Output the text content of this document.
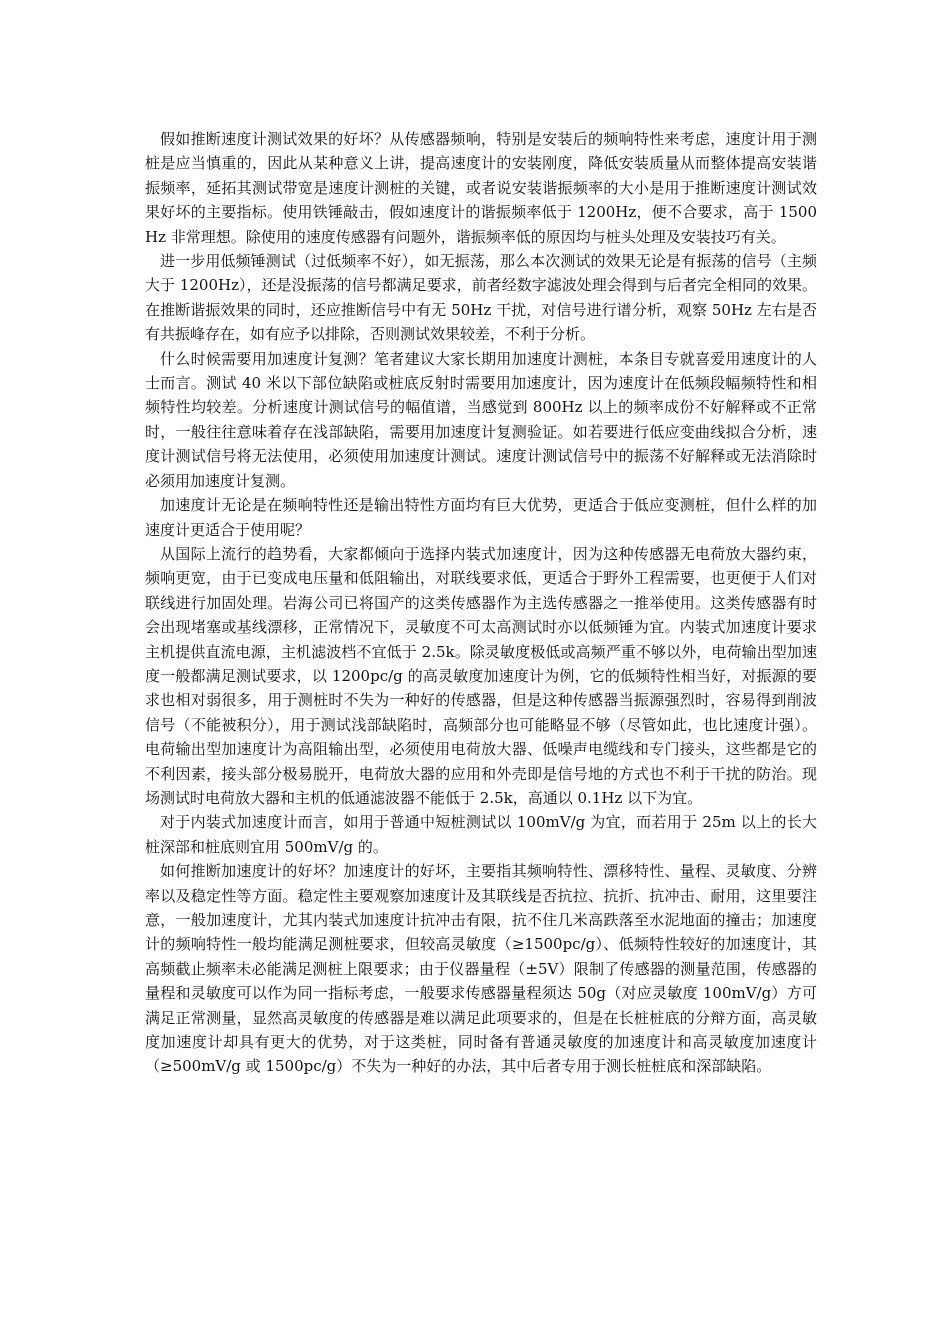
假如推断速度计测试效果的好坏？从传感器频响，特别是安装后的频响特性来考虑，速度计用于测桩是应当慎重的，因此从某种意义上讲，提高速度计的安装刚度，降低安装质量从而整体提高安装谐振频率，延拓其测试带宽是速度计测桩的关键，或者说安装谐振频率的大小是用于推断速度计测试效果好坏的主要指标。使用铁锤敲击，假如速度计的谐振频率低于 1200Hz，便不合要求，高于 1500Hz 非常理想。除使用的速度传感器有问题外，谐振频率低的原因均与桩头处理及安装技巧有关。

进一步用低频锤测试（过低频率不好），如无振荡，那么本次测试的效果无论是有振荡的信号（主频大于 1200Hz），还是没振荡的信号都满足要求，前者经数字滤波处理会得到与后者完全相同的效果。在推断谐振效果的同时，还应推断信号中有无 50Hz 干扰，对信号进行谱分析，观察 50Hz 左右是否有共振峰存在，如有应予以排除，否则测试效果较差，不利于分析。

什么时候需要用加速度计复测？笔者建议大家长期用加速度计测桩，本条目专就喜爱用速度计的人士而言。测试 40 米以下部位缺陷或桩底反射时需要用加速度计，因为速度计在低频段幅频特性和相频特性均较差。分析速度计测试信号的幅值谱，当感觉到 800Hz 以上的频率成份不好解释或不正常时，一般往往意味着存在浅部缺陷，需要用加速度计复测验证。如若要进行低应变曲线拟合分析，速度计测试信号将无法使用，必须使用加速度计测试。速度计测试信号中的振荡不好解释或无法消除时必须用加速度计复测。

加速度计无论是在频响特性还是输出特性方面均有巨大优势，更适合于低应变测桩，但什么样的加速度计更适合于使用呢？

从国际上流行的趋势看，大家都倾向于选择内装式加速度计，因为这种传感器无电荷放大器约束，频响更宽，由于已变成电压量和低阻输出，对联线要求低，更适合于野外工程需要，也更便于人们对联线进行加固处理。岩海公司已将国产的这类传感器作为主选传感器之一推举使用。这类传感器有时会出现堵塞或基线漂移，正常情况下，灵敏度不可太高测试时亦以低频锤为宜。内装式加速度计要求主机提供直流电源，主机滤波档不宜低于 2.5k。除灵敏度极低或高频严重不够以外，电荷输出型加速度一般都满足测试要求，以 1200pc/g 的高灵敏度加速度计为例，它的低频特性相当好，对振源的要求也相对弱很多，用于测桩时不失为一种好的传感器，但是这种传感器当振源强烈时，容易得到削波信号（不能被积分），用于测试浅部缺陷时，高频部分也可能略显不够（尽管如此，也比速度计强）。电荷输出型加速度计为高阻输出型，必须使用电荷放大器、低噪声电缆线和专门接头，这些都是它的不利因素，接头部分极易脱开，电荷放大器的应用和外壳即是信号地的方式也不利于干扰的防治。现场测试时电荷放大器和主机的低通滤波器不能低于 2.5k，高通以 0.1Hz 以下为宜。

对于内装式加速度计而言，如用于普通中短桩测试以 100mV/g 为宜，而若用于 25m 以上的长大桩深部和桩底则宜用 500mV/g 的。

如何推断加速度计的好坏？加速度计的好坏，主要指其频响特性、漂移特性、量程、灵敏度、分辨率以及稳定性等方面。稳定性主要观察加速度计及其联线是否抗拉、抗折、抗冲击、耐用，这里要注意，一般加速度计，尤其内装式加速度计抗冲击有限，抗不住几米高跌落至水泥地面的撞击；加速度计的频响特性一般均能满足测桩要求，但较高灵敏度（≥1500pc/g）、低频特性较好的加速度计，其高频截止频率未必能满足测桩上限要求；由于仪器量程（±5V）限制了传感器的测量范围，传感器的量程和灵敏度可以作为同一指标考虑，一般要求传感器量程须达 50g（对应灵敏度 100mV/g）方可满足正常测量，显然高灵敏度的传感器是难以满足此项要求的，但是在长桩桩底的分辩方面，高灵敏度加速度计却具有更大的优势，对于这类桩，同时备有普通灵敏度的加速度计和高灵敏度加速度计（≥500mV/g 或 1500pc/g）不失为一种好的办法，其中后者专用于测长桩桩底和深部缺陷。
